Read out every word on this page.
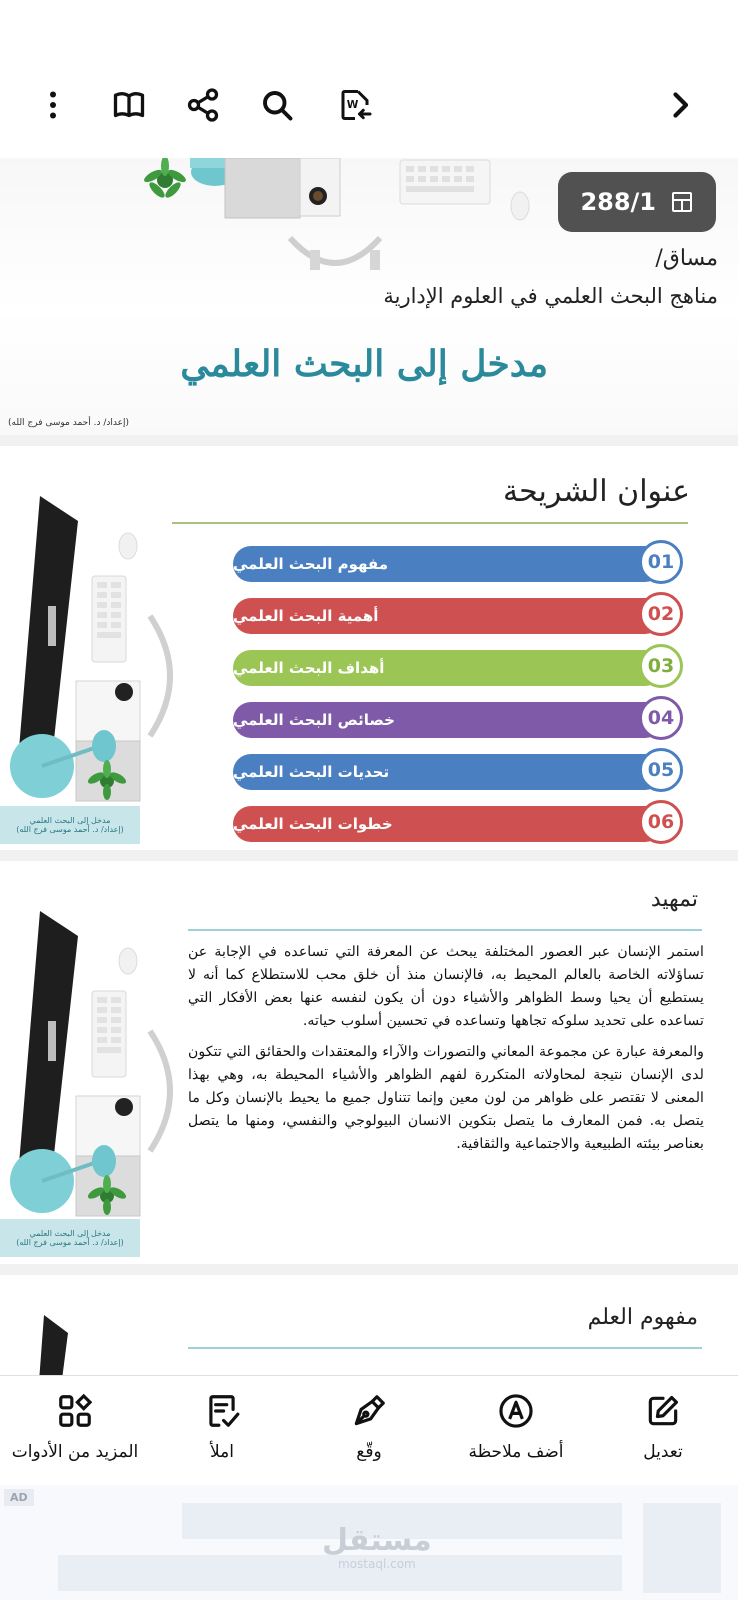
W
288/1
مساق/
مناهج البحث العلمي في العلوم الإدارية
مدخل إلى البحث العلمي
(إعداد/ د. أحمد موسى فرج الله)
عنوان الشريحة
مفهوم البحث العلمي	01
أهمية البحث العلمي	02
أهداف البحث العلمي	03
خصائص البحث العلمي	04
تحديات البحث العلمي	05
خطوات البحث العلمي	06
مدخل إلى البحث العلمي
(إعداد/ د. أحمد موسى فرج الله)
تمهيد

استمر الإنسان عبر العصور المختلفة يبحث عن المعرفة التي تساعده في الإجابة عن تساؤلاته الخاصة بالعالم المحيط به، فالإنسان منذ أن خلق محب للاستطلاع كما أنه لا يستطيع أن يحيا وسط الظواهر والأشياء دون أن يكون لنفسه عنها بعض الأفكار التي تساعده على تحديد سلوكه تجاهها وتساعده في تحسين أسلوب حياته.

والمعرفة عبارة عن مجموعة المعاني والتصورات والآراء والمعتقدات والحقائق التي تتكون لدى الإنسان نتيجة لمحاولاته المتكررة لفهم الظواهر والأشياء المحيطة به، وهي بهذا المعنى لا تقتصر على ظواهر من لون معين وإنما تتناول جميع ما يحيط بالإنسان وكل ما يتصل به. فمن المعارف ما يتصل بتكوين الانسان البيولوجي والنفسي، ومنها ما يتصل بعناصر بيئته الطبيعية والاجتماعية والثقافية.

مدخل إلى البحث العلمي
(إعداد/ د. أحمد موسى فرج الله)
مفهوم العلم
المزيد من الأدوات	املأ	وقّع	أضف ملاحظة	تعديل
AD
مستقل
mostaql.com
